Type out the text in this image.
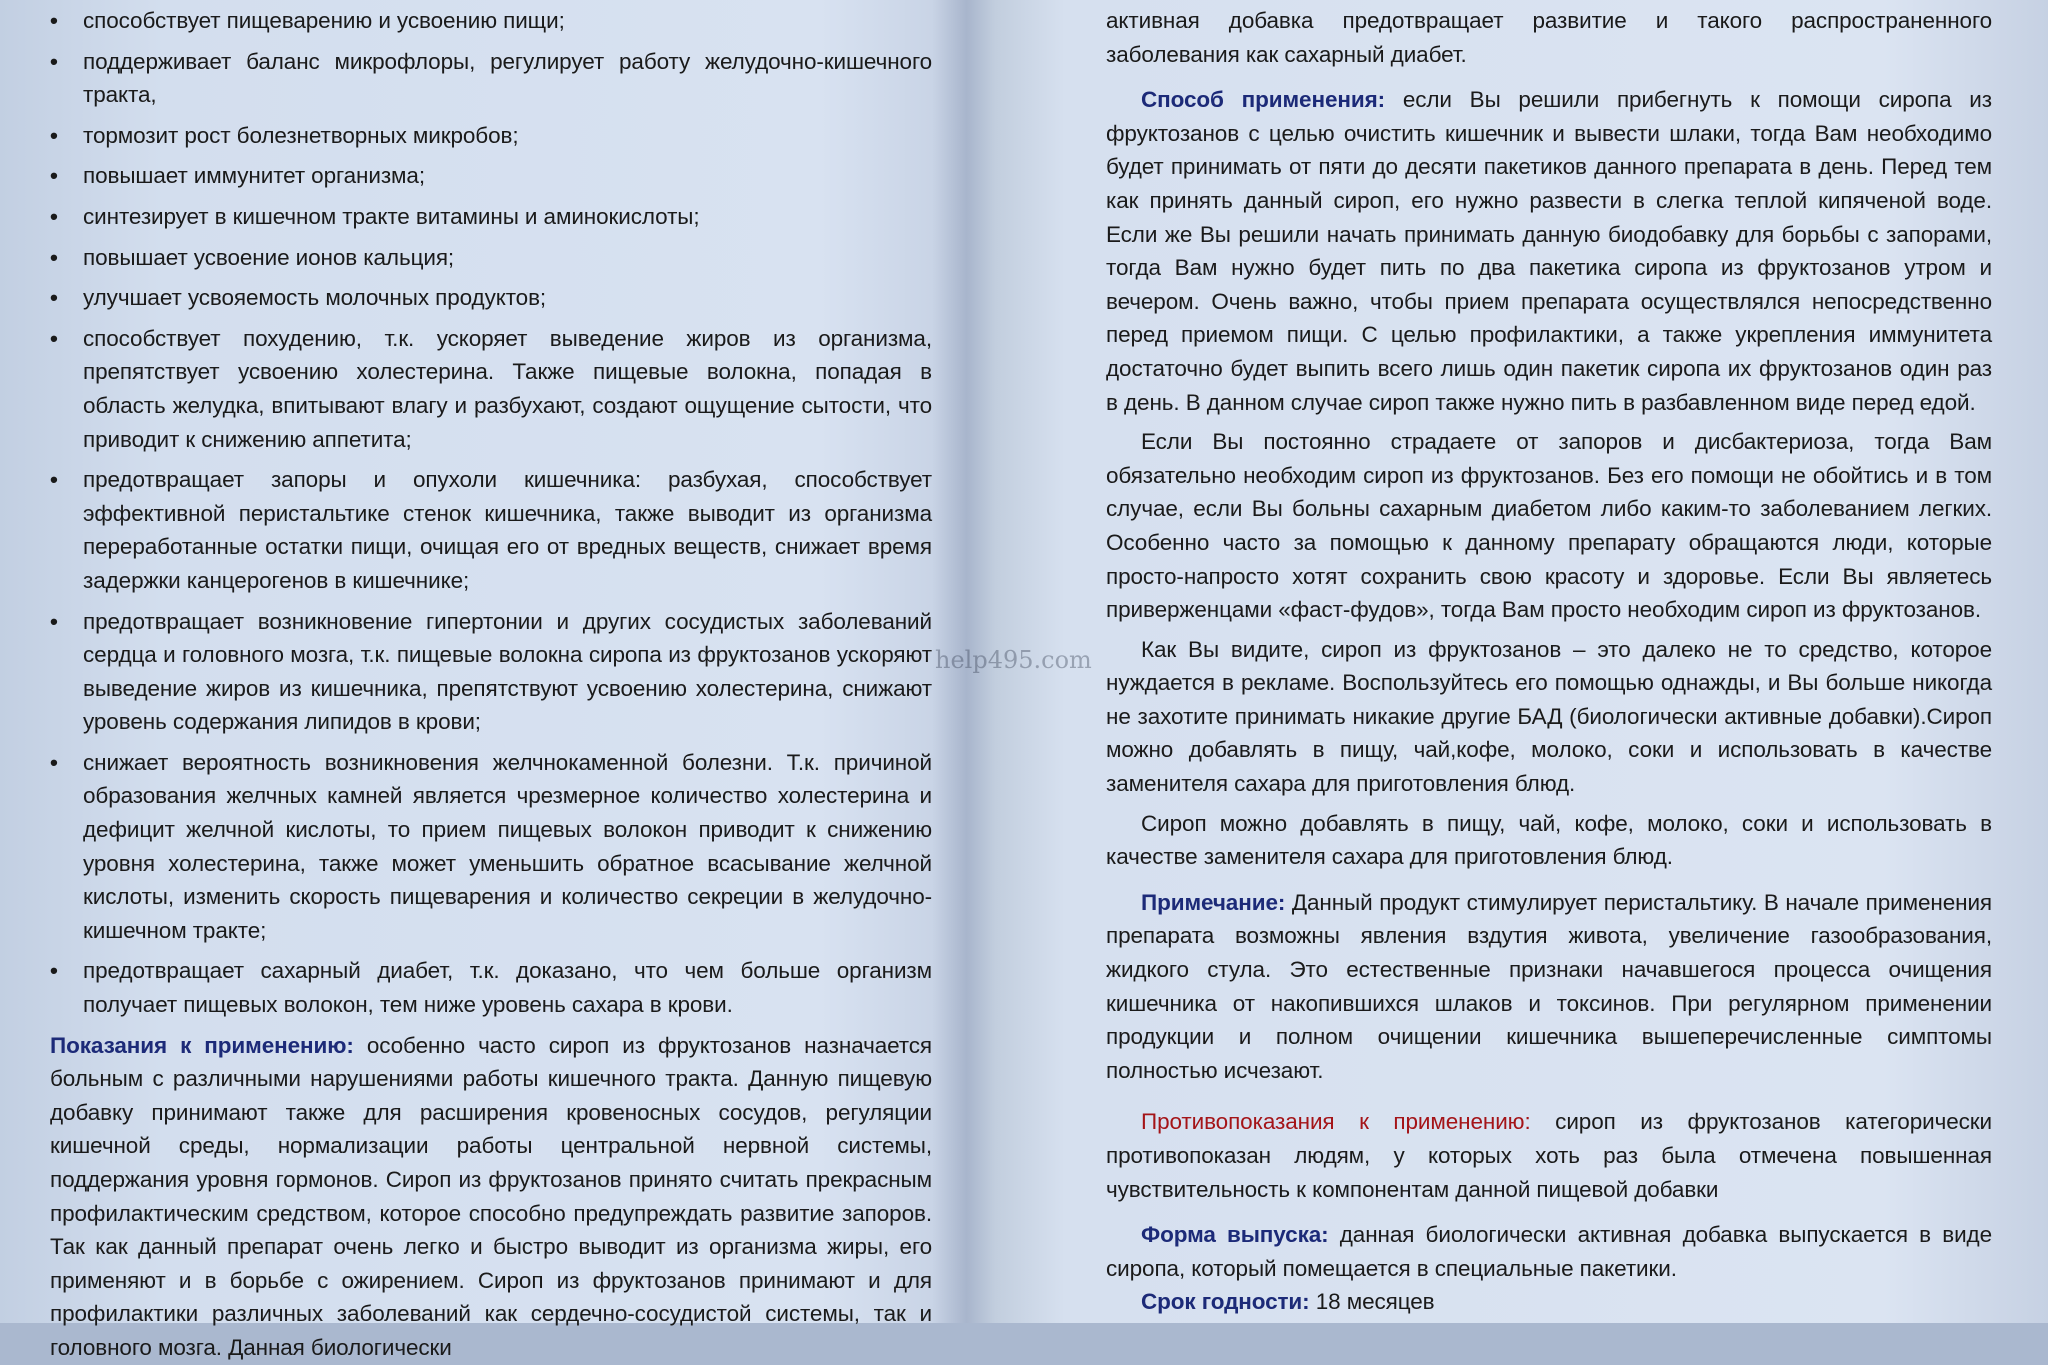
• способствует пищеварению и усвоению пищи;
• поддерживает баланс микрофлоры, регулирует работу желудочно-кишечного тракта,
• тормозит рост болезнетворных микробов;
• повышает иммунитет организма;
• синтезирует в кишечном тракте витамины и аминокислоты;
• повышает усвоение ионов кальция;
• улучшает усвояемость молочных продуктов;
• способствует похудению, т.к. ускоряет выведение жиров из организма, препятствует усвоению холестерина. Также пищевые волокна, попадая в область желудка, впитывают влагу и разбухают, создают ощущение сытости, что приводит к снижению аппетита;
• предотвращает запоры и опухоли кишечника: разбухая, способствует эффективной перистальтике стенок кишечника, также выводит из организма переработанные остатки пищи, очищая его от вредных веществ, снижает время задержки канцерогенов в кишечнике;
• предотвращает возникновение гипертонии и других сосудистых заболеваний сердца и головного мозга, т.к. пищевые волокна сиропа из фруктозанов ускоряют выведение жиров из кишечника, препятствуют усвоению холестерина, снижают уровень содержания липидов в крови;
• снижает вероятность возникновения желчнокаменной болезни. Т.к. причиной образования желчных камней является чрезмерное количество холестерина и дефицит желчной кислоты, то прием пищевых волокон приводит к снижению уровня холестерина, также может уменьшить обратное всасывание желчной кислоты, изменить скорость пищеварения и количество секреции в желудочно-кишечном тракте;
• предотвращает сахарный диабет, т.к. доказано, что чем больше организм получает пищевых волокон, тем ниже уровень сахара в крови.

Показания к применению: особенно часто сироп из фруктозанов назначается больным с различными нарушениями работы кишечного тракта. Данную пищевую добавку принимают также для расширения кровеносных сосудов, регуляции кишечной среды, нормализации работы центральной нервной системы, поддержания уровня гормонов. Сироп из фруктозанов принято считать прекрасным профилактическим средством, которое способно предупреждать развитие запоров. Так как данный препарат очень легко и быстро выводит из организма жиры, его применяют и в борьбе с ожирением. Сироп из фруктозанов принимают и для профилактики различных заболеваний как сердечно-сосудистой системы, так и головного мозга. Данная биологически

help495.com

активная добавка предотвращает развитие и такого распространенного заболевания как сахарный диабет.

Способ применения: если Вы решили прибегнуть к помощи сиропа из фруктозанов с целью очистить кишечник и вывести шлаки, тогда Вам необходимо будет принимать от пяти до десяти пакетиков данного препарата в день. Перед тем как принять данный сироп, его нужно развести в слегка теплой кипяченой воде. Если же Вы решили начать принимать данную биодобавку для борьбы с запорами, тогда Вам нужно будет пить по два пакетика сиропа из фруктозанов утром и вечером. Очень важно, чтобы прием препарата осуществлялся непосредственно перед приемом пищи. С целью профилактики, а также укрепления иммунитета достаточно будет выпить всего лишь один пакетик сиропа их фруктозанов один раз в день. В данном случае сироп также нужно пить в разбавленном виде перед едой.

Если Вы постоянно страдаете от запоров и дисбактериоза, тогда Вам обязательно необходим сироп из фруктозанов. Без его помощи не обойтись и в том случае, если Вы больны сахарным диабетом либо каким-то заболеванием легких. Особенно часто за помощью к данному препарату обращаются люди, которые просто-напросто хотят сохранить свою красоту и здоровье. Если Вы являетесь приверженцами «фаст-фудов», тогда Вам просто необходим сироп из фруктозанов.

Как Вы видите, сироп из фруктозанов – это далеко не то средство, которое нуждается в рекламе. Воспользуйтесь его помощью однажды, и Вы больше никогда не захотите принимать никакие другие БАД (биологически активные добавки).Сироп можно добавлять в пищу, чай,кофе, молоко, соки и использовать в качестве заменителя сахара для приготовления блюд.

Сироп можно добавлять в пищу, чай, кофе, молоко, соки и использовать в качестве заменителя сахара для приготовления блюд.

Примечание: Данный продукт стимулирует перистальтику. В начале применения препарата возможны явления вздутия живота, увеличение газообразования, жидкого стула. Это естественные признаки начавшегося процесса очищения кишечника от накопившихся шлаков и токсинов. При регулярном применении продукции и полном очищении кишечника вышеперечисленные симптомы полностью исчезают.

Противопоказания к применению: сироп из фруктозанов категорически противопоказан людям, у которых хоть раз была отмечена повышенная чувствительность к компонентам данной пищевой добавки

Форма выпуска: данная биологически активная добавка выпускается в виде сиропа, который помещается в специальные пакетики.

Срок годности: 18 месяцев
